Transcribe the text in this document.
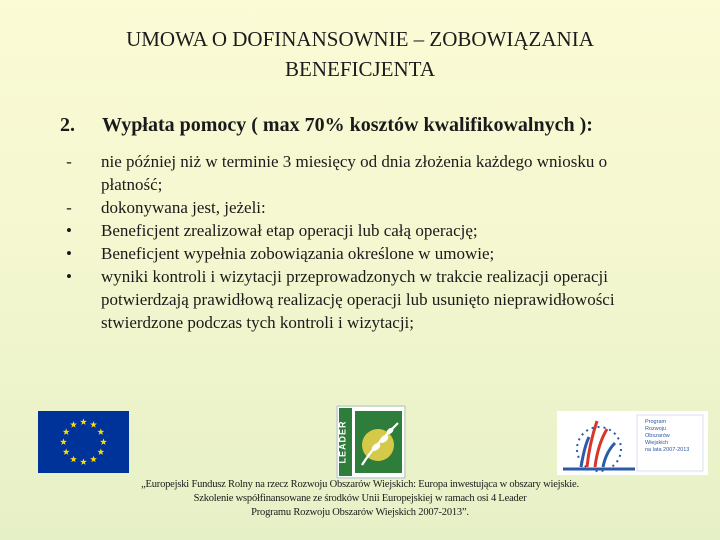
UMOWA O DOFINANSOWNIE – ZOBOWIĄZANIA
BENEFICJENTA
2. Wypłata pomocy ( max 70% kosztów kwalifikowalnych ):
-	nie później niż w terminie 3 miesięcy od dnia złożenia każdego wniosku o płatność;
-	dokonywana jest, jeżeli:
•	Beneficjent zrealizował etap operacji lub całą operację;
•	Beneficjent wypełnia zobowiązania określone w umowie;
•	wyniki kontroli i wizytacji przeprowadzonych w trakcie realizacji operacji potwierdzają prawidłową realizację operacji lub usunięto nieprawidłowości stwierdzone podczas tych kontroli i wizytacji;
LEADER	Program
Rozwoju
Obszarów
Wiejskich
na lata 2007-2013
„Europejski Fundusz Rolny na rzecz Rozwoju Obszarów Wiejskich: Europa inwestująca w obszary wiejskie.
Szkolenie współfinansowane ze środków Unii Europejskiej w ramach osi 4 Leader
Programu Rozwoju Obszarów Wiejskich 2007-2013”.
